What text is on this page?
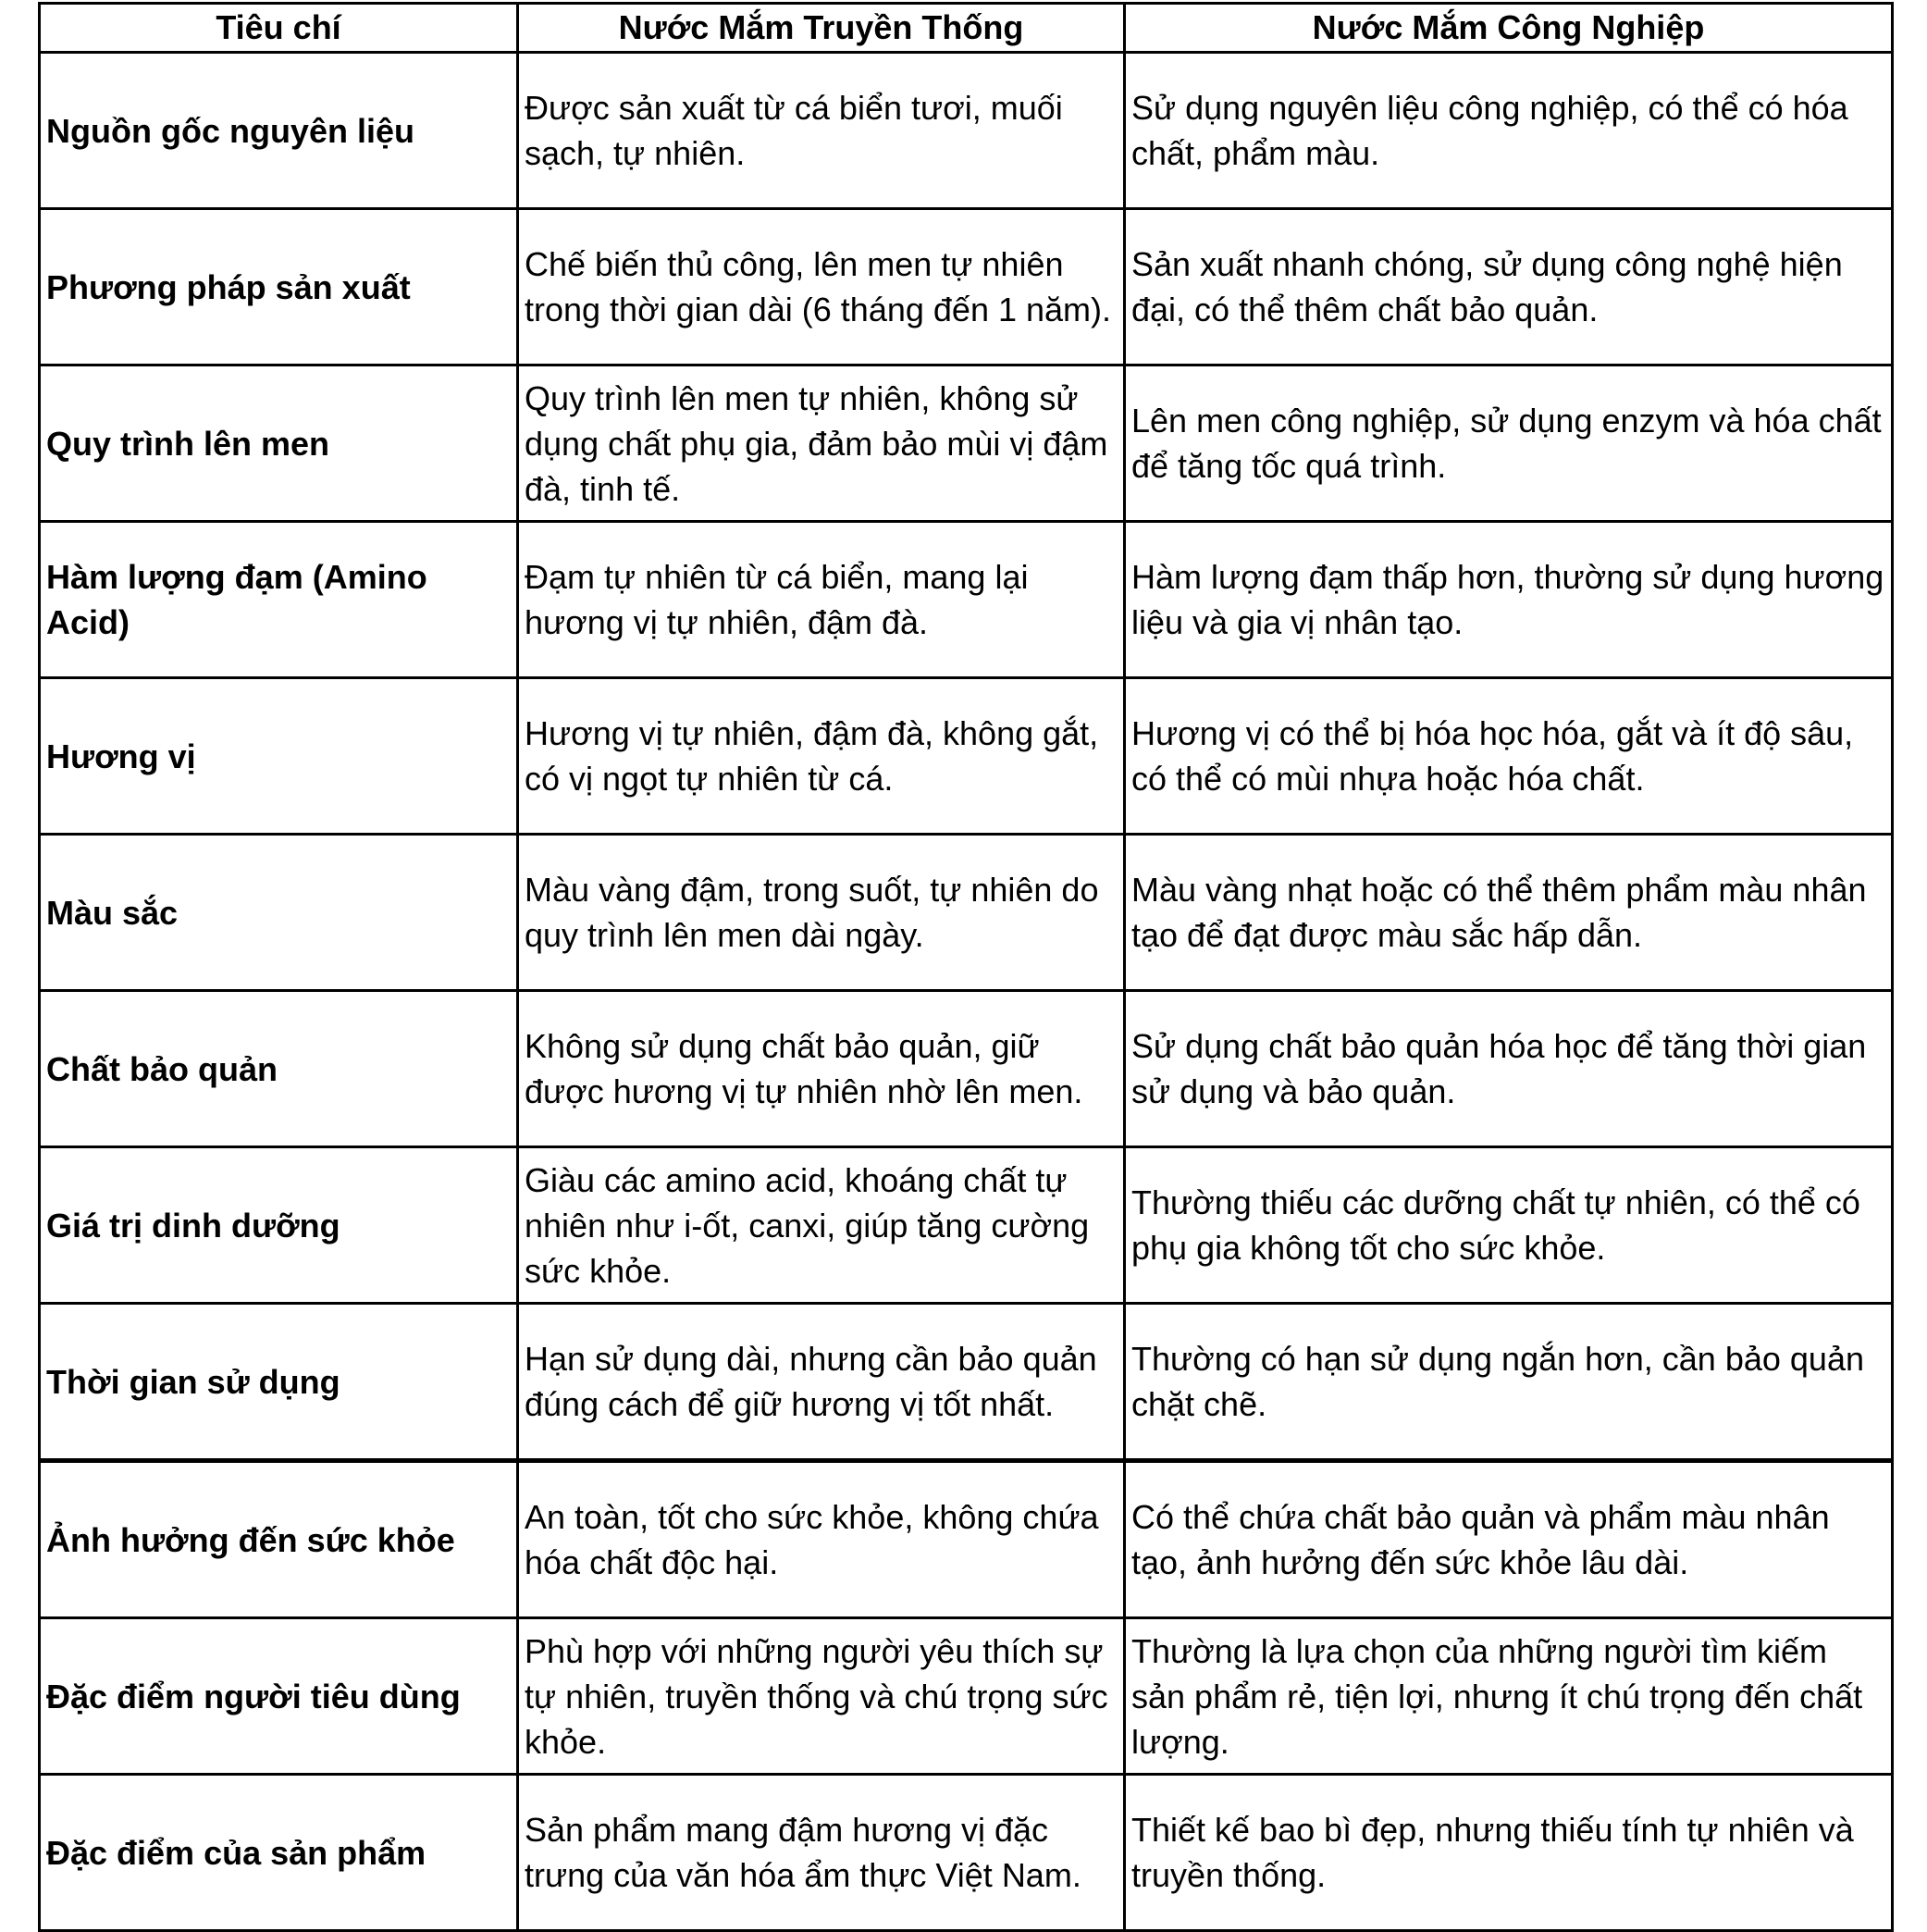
Tiêu chí	Nước Mắm Truyền Thống	Nước Mắm Công Nghiệp
Nguồn gốc nguyên liệu	Được sản xuất từ cá biển tươi, muối sạch, tự nhiên.	Sử dụng nguyên liệu công nghiệp, có thể có hóa chất, phẩm màu.
Phương pháp sản xuất	Chế biến thủ công, lên men tự nhiên trong thời gian dài (6 tháng đến 1 năm).	Sản xuất nhanh chóng, sử dụng công nghệ hiện đại, có thể thêm chất bảo quản.
Quy trình lên men	Quy trình lên men tự nhiên, không sử dụng chất phụ gia, đảm bảo mùi vị đậm đà, tinh tế.	Lên men công nghiệp, sử dụng enzym và hóa chất để tăng tốc quá trình.
Hàm lượng đạm (Amino Acid)	Đạm tự nhiên từ cá biển, mang lại hương vị tự nhiên, đậm đà.	Hàm lượng đạm thấp hơn, thường sử dụng hương liệu và gia vị nhân tạo.
Hương vị	Hương vị tự nhiên, đậm đà, không gắt, có vị ngọt tự nhiên từ cá.	Hương vị có thể bị hóa học hóa, gắt và ít độ sâu, có thể có mùi nhựa hoặc hóa chất.
Màu sắc	Màu vàng đậm, trong suốt, tự nhiên do quy trình lên men dài ngày.	Màu vàng nhạt hoặc có thể thêm phẩm màu nhân tạo để đạt được màu sắc hấp dẫn.
Chất bảo quản	Không sử dụng chất bảo quản, giữ được hương vị tự nhiên nhờ lên men.	Sử dụng chất bảo quản hóa học để tăng thời gian sử dụng và bảo quản.
Giá trị dinh dưỡng	Giàu các amino acid, khoáng chất tự nhiên như i-ốt, canxi, giúp tăng cường sức khỏe.	Thường thiếu các dưỡng chất tự nhiên, có thể có phụ gia không tốt cho sức khỏe.
Thời gian sử dụng	Hạn sử dụng dài, nhưng cần bảo quản đúng cách để giữ hương vị tốt nhất.	Thường có hạn sử dụng ngắn hơn, cần bảo quản chặt chẽ.
Ảnh hưởng đến sức khỏe	An toàn, tốt cho sức khỏe, không chứa hóa chất độc hại.	Có thể chứa chất bảo quản và phẩm màu nhân tạo, ảnh hưởng đến sức khỏe lâu dài.
Đặc điểm người tiêu dùng	Phù hợp với những người yêu thích sự tự nhiên, truyền thống và chú trọng sức khỏe.	Thường là lựa chọn của những người tìm kiếm sản phẩm rẻ, tiện lợi, nhưng ít chú trọng đến chất lượng.
Đặc điểm của sản phẩm	Sản phẩm mang đậm hương vị đặc trưng của văn hóa ẩm thực Việt Nam.	Thiết kế bao bì đẹp, nhưng thiếu tính tự nhiên và truyền thống.
